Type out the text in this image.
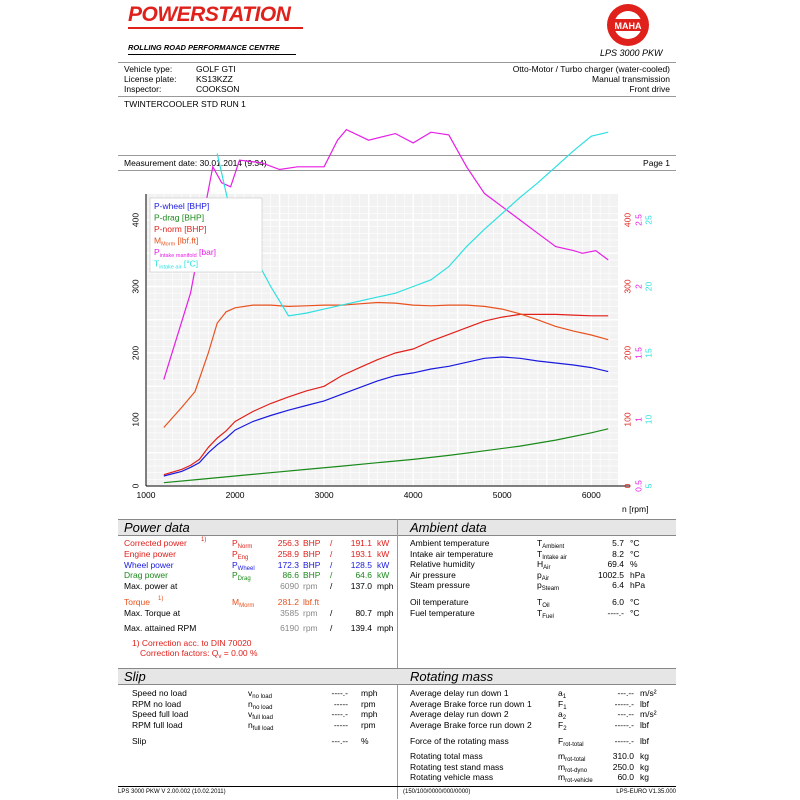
POWERSTATION
ROLLING ROAD PERFORMANCE CENTRE
MAHA
LPS 3000 PKW
Vehicle type:	GOLF GTI
License plate: KS13KZZ
Inspector:	COOKSON
Otto-Motor / Turbo charger (water-cooled)
Manual transmission
Front drive
TWINTERCOOLER STD RUN 1
Measurement date: 30.01.2014 (9:34)	Page 1
1000	2000	3000	4000	5000	6000
n [rpm]
0
100
200
300
400
0
100
200
300
400
0.5
1
1.5
2
2.5
5
10
15
20
25
P-wheel [BHP]
P-drag [BHP]
P-norm [BHP]
$M_{Morm}$ [lbf.ft]
$P_{intake manifold}$ [bar]
$T_{intake air}$ [°C]
Power data	Ambient data
Slip	Rotating mass
LPS 3000 PKW V 2.00.002 (10.02.2011)	(150/100/0000/000/0000)	LPS-EURO V1.35.000
Corrected power 1)	$P_{Norm}$	256.3 BHP /	191.1 kW
Engine power	$P_{Eng}$	258.9 BHP /	193.1 kW
Wheel power	$P_{Wheel}$	172.3 BHP /	128.5 kW
Drag power	$P_{Drag}$	86.6 BHP /	64.6 kW
Max. power at	6090 rpm /	137.0 mph
Torque 1)	$M_{Morm}$	281.2 lbf.ft
Max. Torque at	3585 rpm /	80.7 mph
Max. attained RPM	6190 rpm /	139.4 mph
1) Correction acc. to DIN 70020
Correction factors: $Q_v = 0.00$ %
Ambient temperature	$T_{Ambient}$	5.7 °C
Intake air temperature	$T_{Intake air}$	8.2 °C
Relative humidity	$H_{Air}$	69.4 %
Air pressure	$p_{Air}$	1002.5 hPa
Steam pressure	$p_{Steam}$	6.4 hPa
Oil temperature	$T_{Oil}$	6.0 °C
Fuel temperature	$T_{Fuel}$	----.- °C
Speed no load	$v_{no load}$	----.- mph
RPM no load	$n_{no load}$	----- rpm
Speed full load	$v_{full load}$	----.- mph
RPM full load	$n_{full load}$	----- rpm
Slip	---.-- %
Average delay run down 1	$a_1$	---.-- m/s²
Average Brake force run down 1	$F_1$	-----.- lbf
Average delay run down 2	$a_2$	---.-- m/s²
Average Brake force run down 2	$F_2$	-----.- lbf
Force of the rotating mass	$F_{rot-total}$	-----.- lbf
Rotating total mass	$m_{rot-total}$	310.0 kg
Rotating test stand mass	$m_{rot-dyno}$	250.0 kg
Rotating vehicle mass	$m_{rot-vehicle}$	60.0 kg
